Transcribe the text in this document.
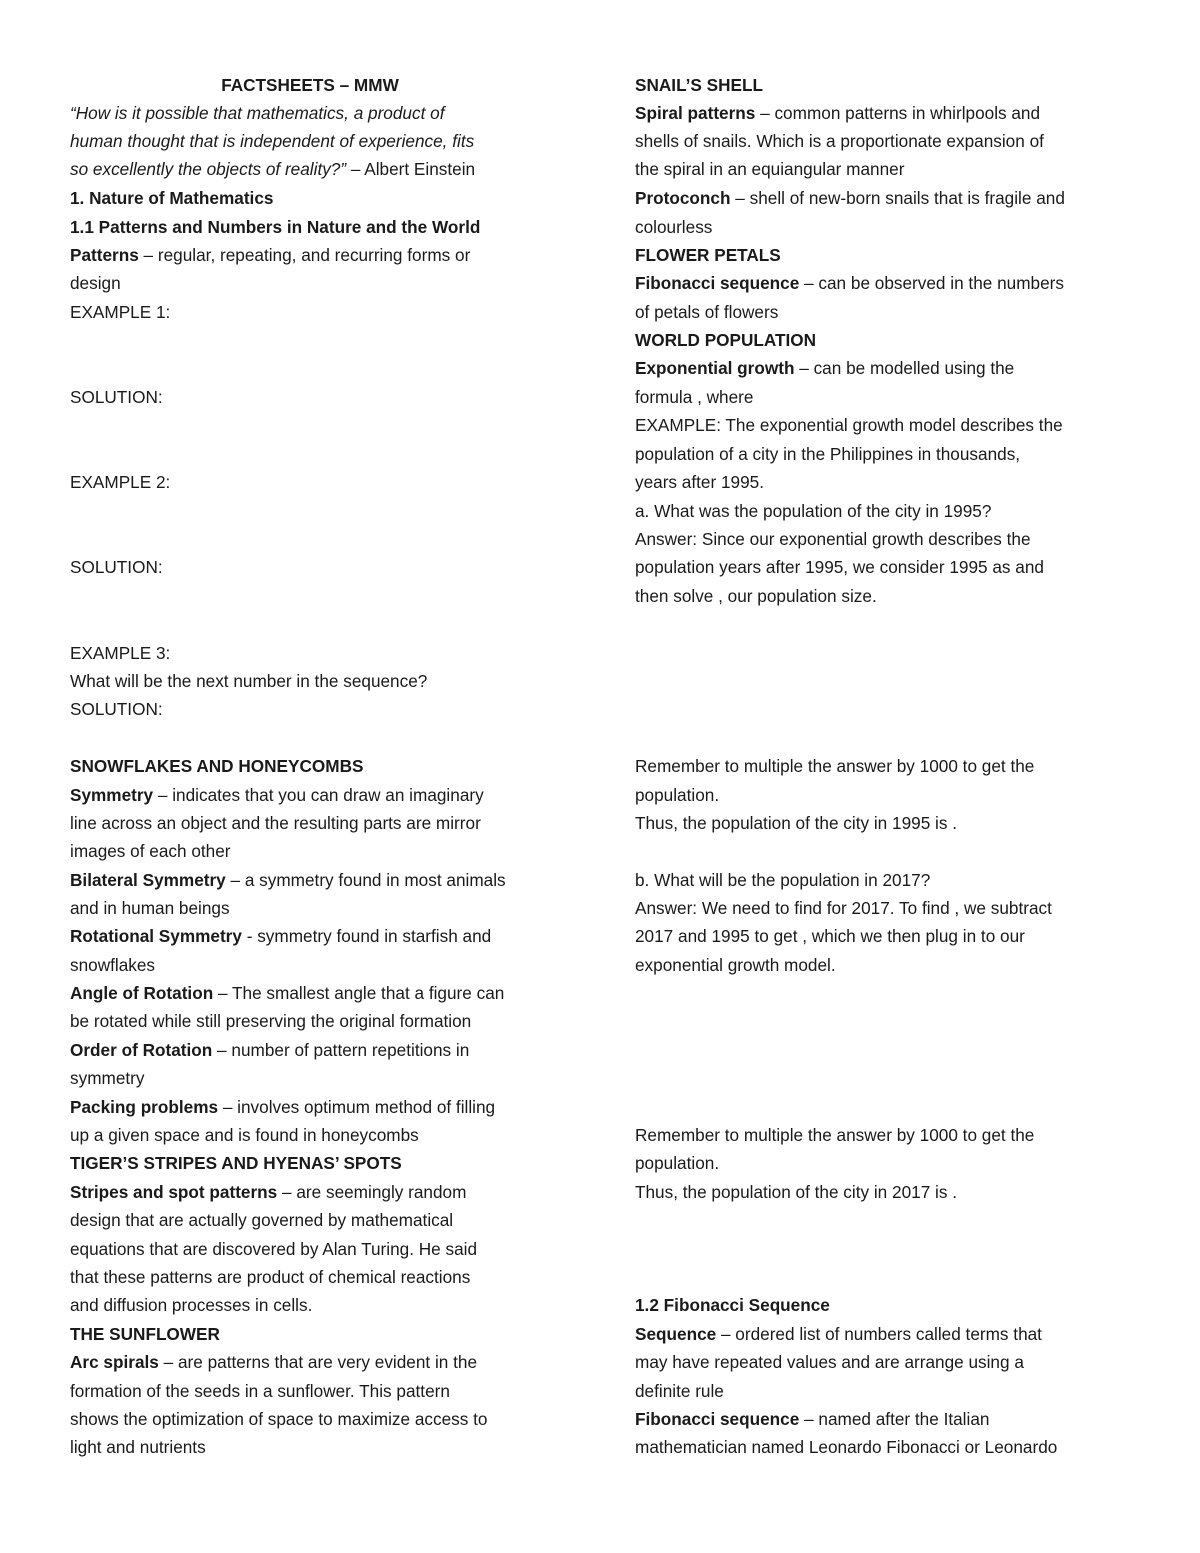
FACTSHEETS – MMW
“How is it possible that mathematics, a product of
human thought that is independent of experience, fits
so excellently the objects of reality?” – Albert Einstein
1. Nature of Mathematics
1.1 Patterns and Numbers in Nature and the World
Patterns – regular, repeating, and recurring forms or
design
EXAMPLE 1:
SOLUTION:
EXAMPLE 2:
SOLUTION:
EXAMPLE 3:
What will be the next number in the sequence?
SOLUTION:
SNOWFLAKES AND HONEYCOMBS
Symmetry – indicates that you can draw an imaginary
line across an object and the resulting parts are mirror
images of each other
Bilateral Symmetry – a symmetry found in most animals
and in human beings
Rotational Symmetry - symmetry found in starfish and
snowflakes
Angle of Rotation – The smallest angle that a figure can
be rotated while still preserving the original formation
Order of Rotation – number of pattern repetitions in
symmetry
Packing problems – involves optimum method of filling
up a given space and is found in honeycombs
TIGER’S STRIPES AND HYENAS’ SPOTS
Stripes and spot patterns – are seemingly random
design that are actually governed by mathematical
equations that are discovered by Alan Turing. He said
that these patterns are product of chemical reactions
and diffusion processes in cells.
THE SUNFLOWER
Arc spirals – are patterns that are very evident in the
formation of the seeds in a sunflower. This pattern
shows the optimization of space to maximize access to
light and nutrients
SNAIL’S SHELL
Spiral patterns – common patterns in whirlpools and
shells of snails. Which is a proportionate expansion of
the spiral in an equiangular manner
Protoconch – shell of new-born snails that is fragile and
colourless
FLOWER PETALS
Fibonacci sequence – can be observed in the numbers
of petals of flowers
WORLD POPULATION
Exponential growth – can be modelled using the
formula , where
EXAMPLE: The exponential growth model describes the
population of a city in the Philippines in thousands,
years after 1995.
a. What was the population of the city in 1995?
Answer: Since our exponential growth describes the
population years after 1995, we consider 1995 as and
then solve , our population size.
Remember to multiple the answer by 1000 to get the
population.
Thus, the population of the city in 1995 is .
b. What will be the population in 2017?
Answer: We need to find for 2017. To find , we subtract
2017 and 1995 to get , which we then plug in to our
exponential growth model.
Remember to multiple the answer by 1000 to get the
population.
Thus, the population of the city in 2017 is .
1.2 Fibonacci Sequence
Sequence – ordered list of numbers called terms that
may have repeated values and are arrange using a
definite rule
Fibonacci sequence – named after the Italian
mathematician named Leonardo Fibonacci or Leonardo
